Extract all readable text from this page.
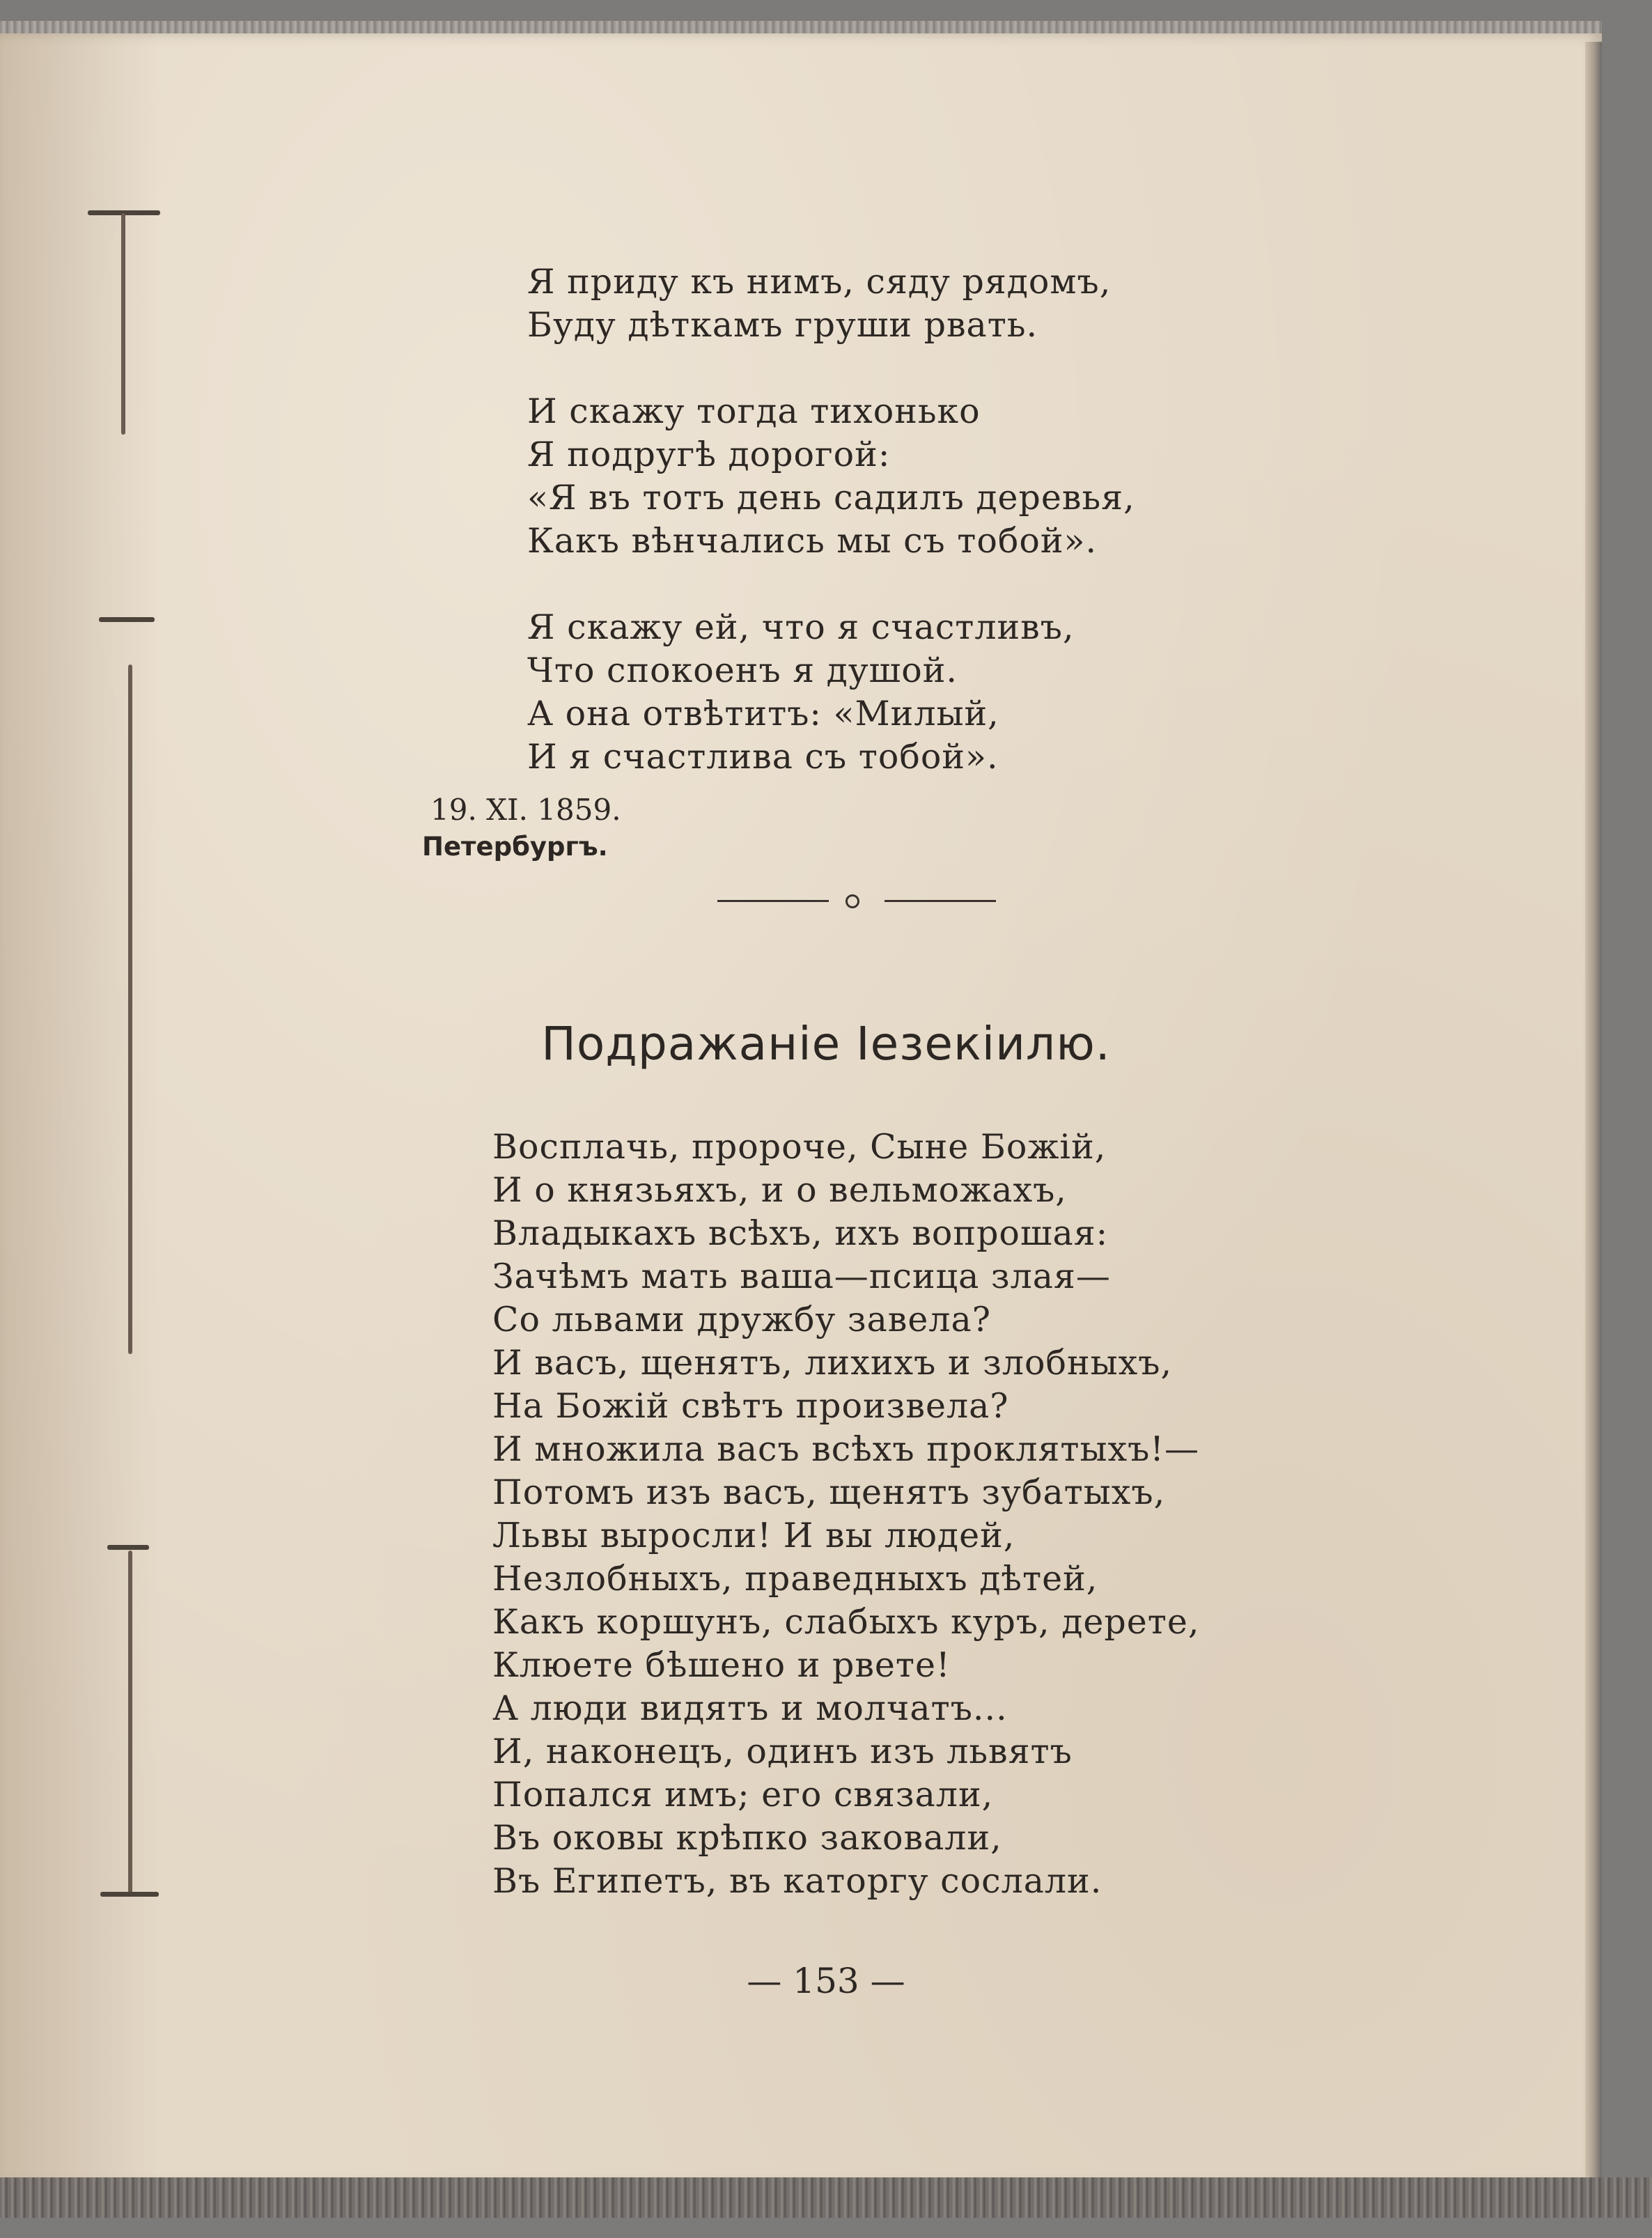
Я приду къ нимъ, сяду рядомъ,
Буду дѣткамъ груши рвать.
И скажу тогда тихонько
Я подругѣ дорогой:
«Я въ тотъ день садилъ деревья,
Какъ вѣнчались мы съ тобой».
Я скажу ей, что я счастливъ,
Что спокоенъ я душой.
А она отвѣтитъ: «Милый,
И я счастлива съ тобой».

19. XI. 1859.

Петербургъ.

Подражаніе Іезекіилю.
Восплачь, пророче, Сыне Божій,
И о князьяхъ, и о вельможахъ,
Владыкахъ всѣхъ, ихъ вопрошая:
Зачѣмъ мать ваша—псица злая—
Со львами дружбу завела?
И васъ, щенятъ, лихихъ и злобныхъ,
На Божій свѣтъ произвела?
И множила васъ всѣхъ проклятыхъ!—
Потомъ изъ васъ, щенятъ зубатыхъ,
Львы выросли! И вы людей,
Незлобныхъ, праведныхъ дѣтей,
Какъ коршунъ, слабыхъ куръ, дерете,
Клюете бѣшено и рвете!
А люди видятъ и молчатъ...
И, наконецъ, одинъ изъ львятъ
Попался имъ; его связали,
Въ оковы крѣпко заковали,
Въ Египетъ, въ каторгу сослали.

— 153 —
